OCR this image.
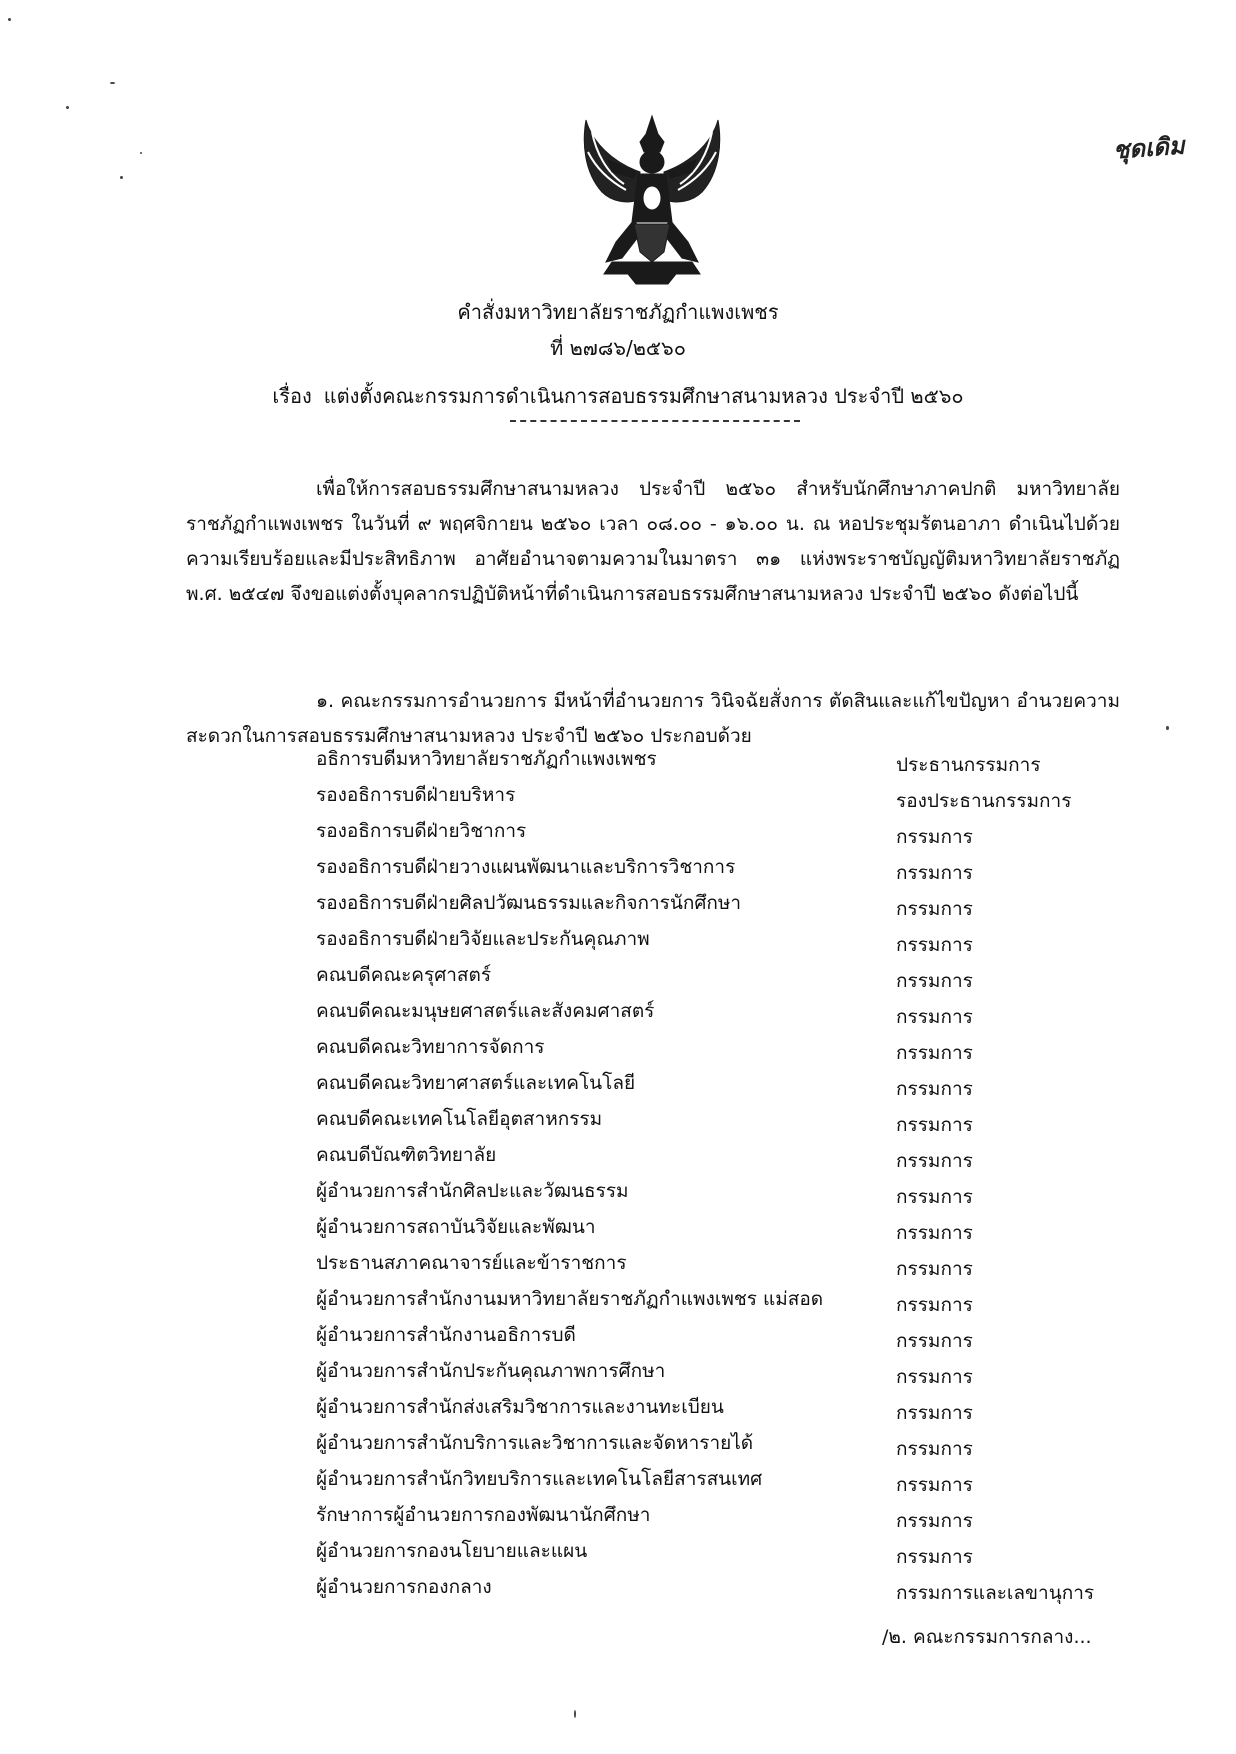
ชุดเดิม
คำสั่งมหาวิทยาลัยราชภัฏกำแพงเพชร
ที่ ๒๗๘๖/๒๕๖๐
เรื่อง แต่งตั้งคณะกรรมการดำเนินการสอบธรรมศึกษาสนามหลวง ประจำปี ๒๕๖๐
เพื่อให้การสอบธรรมศึกษาสนามหลวง ประจำปี ๒๕๖๐ สำหรับนักศึกษาภาคปกติ มหาวิทยาลัยราชภัฏกำแพงเพชร ในวันที่ ๙ พฤศจิกายน ๒๕๖๐ เวลา ๐๘.๐๐ - ๑๖.๐๐ น. ณ หอประชุมรัตนอาภา ดำเนินไปด้วยความเรียบร้อยและมีประสิทธิภาพ อาศัยอำนาจตามความในมาตรา ๓๑ แห่งพระราชบัญญัติมหาวิทยาลัยราชภัฏ พ.ศ. ๒๕๔๗ จึงขอแต่งตั้งบุคลากรปฏิบัติหน้าที่ดำเนินการสอบธรรมศึกษาสนามหลวง ประจำปี ๒๕๖๐ ดังต่อไปนี้
๑. คณะกรรมการอำนวยการ มีหน้าที่อำนวยการ วินิจฉัยสั่งการ ตัดสินและแก้ไขปัญหา อำนวยความสะดวกในการสอบธรรมศึกษาสนามหลวง ประจำปี ๒๕๖๐ ประกอบด้วย
อธิการบดีมหาวิทยาลัยราชภัฏกำแพงเพชร	ประธานกรรมการ
รองอธิการบดีฝ่ายบริหาร	รองประธานกรรมการ
รองอธิการบดีฝ่ายวิชาการ	กรรมการ
รองอธิการบดีฝ่ายวางแผนพัฒนาและบริการวิชาการ	กรรมการ
รองอธิการบดีฝ่ายศิลปวัฒนธรรมและกิจการนักศึกษา	กรรมการ
รองอธิการบดีฝ่ายวิจัยและประกันคุณภาพ	กรรมการ
คณบดีคณะครุศาสตร์	กรรมการ
คณบดีคณะมนุษยศาสตร์และสังคมศาสตร์	กรรมการ
คณบดีคณะวิทยาการจัดการ	กรรมการ
คณบดีคณะวิทยาศาสตร์และเทคโนโลยี	กรรมการ
คณบดีคณะเทคโนโลยีอุตสาหกรรม	กรรมการ
คณบดีบัณฑิตวิทยาลัย	กรรมการ
ผู้อำนวยการสำนักศิลปะและวัฒนธรรม	กรรมการ
ผู้อำนวยการสถาบันวิจัยและพัฒนา	กรรมการ
ประธานสภาคณาจารย์และข้าราชการ	กรรมการ
ผู้อำนวยการสำนักงานมหาวิทยาลัยราชภัฏกำแพงเพชร แม่สอด	กรรมการ
ผู้อำนวยการสำนักงานอธิการบดี	กรรมการ
ผู้อำนวยการสำนักประกันคุณภาพการศึกษา	กรรมการ
ผู้อำนวยการสำนักส่งเสริมวิชาการและงานทะเบียน	กรรมการ
ผู้อำนวยการสำนักบริการและวิชาการและจัดหารายได้	กรรมการ
ผู้อำนวยการสำนักวิทยบริการและเทคโนโลยีสารสนเทศ	กรรมการ
รักษาการผู้อำนวยการกองพัฒนานักศึกษา	กรรมการ
ผู้อำนวยการกองนโยบายและแผน	กรรมการ
ผู้อำนวยการกองกลาง	กรรมการและเลขานุการ
/๒. คณะกรรมการกลาง...
